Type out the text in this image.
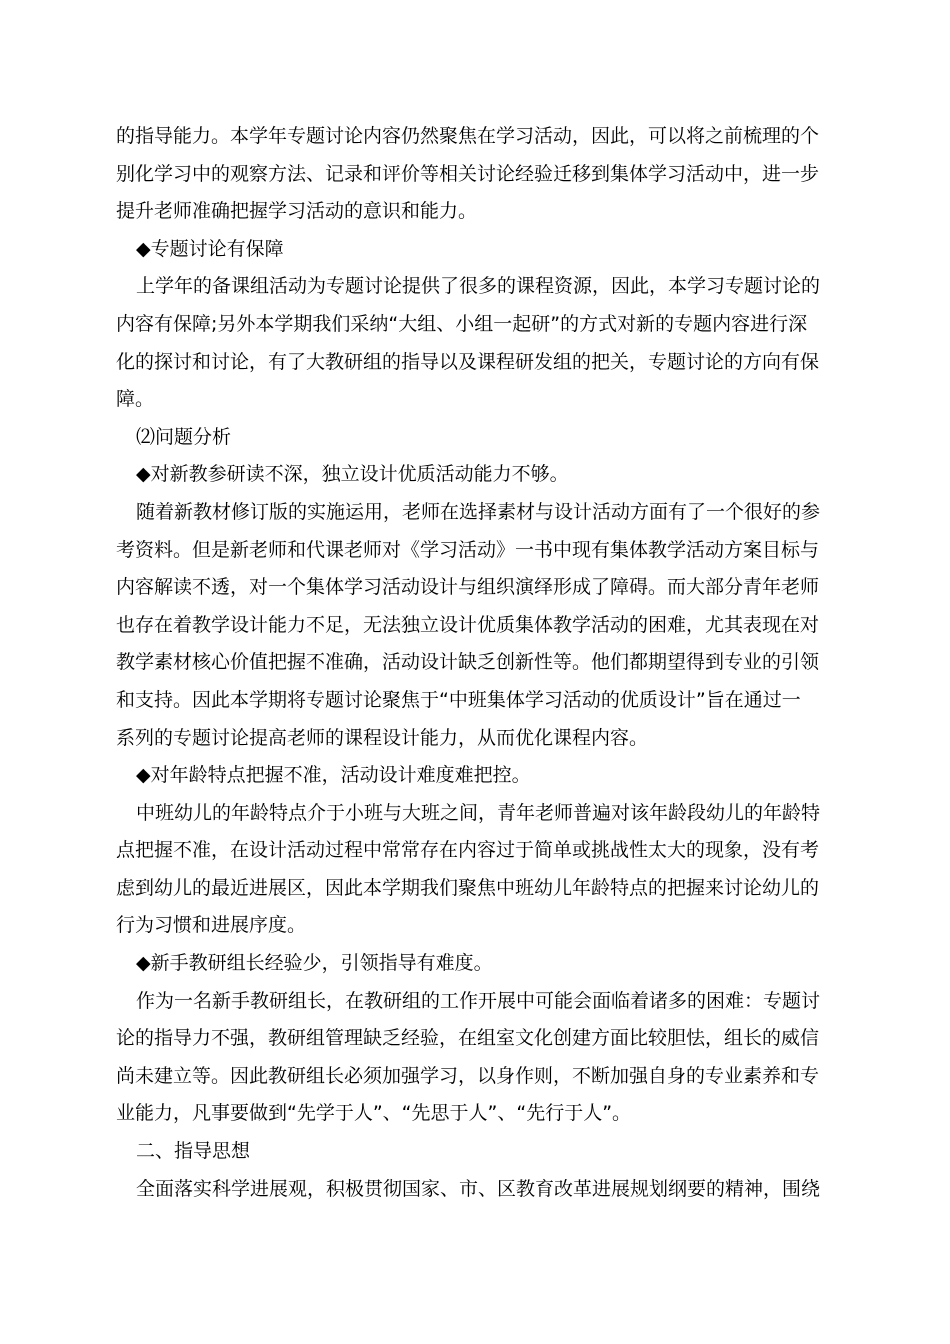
的指导能力。本学年专题讨论内容仍然聚焦在学习活动，因此，可以将之前梳理的个
别化学习中的观察方法、记录和评价等相关讨论经验迁移到集体学习活动中，进一步
提升老师准确把握学习活动的意识和能力。
◆专题讨论有保障
上学年的备课组活动为专题讨论提供了很多的课程资源，因此，本学习专题讨论的
内容有保障;另外本学期我们采纳“大组、小组一起研”的方式对新的专题内容进行深
化的探讨和讨论，有了大教研组的指导以及课程研发组的把关，专题讨论的方向有保
障。
⑵问题分析
◆对新教参研读不深，独立设计优质活动能力不够。
随着新教材修订版的实施运用，老师在选择素材与设计活动方面有了一个很好的参
考资料。但是新老师和代课老师对《学习活动》一书中现有集体教学活动方案目标与
内容解读不透，对一个集体学习活动设计与组织演绎形成了障碍。而大部分青年老师
也存在着教学设计能力不足，无法独立设计优质集体教学活动的困难，尤其表现在对
教学素材核心价值把握不准确，活动设计缺乏创新性等。他们都期望得到专业的引领
和支持。因此本学期将专题讨论聚焦于“中班集体学习活动的优质设计”旨在通过一
系列的专题讨论提高老师的课程设计能力，从而优化课程内容。
◆对年龄特点把握不准，活动设计难度难把控。
中班幼儿的年龄特点介于小班与大班之间，青年老师普遍对该年龄段幼儿的年龄特
点把握不准，在设计活动过程中常常存在内容过于简单或挑战性太大的现象，没有考
虑到幼儿的最近进展区，因此本学期我们聚焦中班幼儿年龄特点的把握来讨论幼儿的
行为习惯和进展序度。
◆新手教研组长经验少，引领指导有难度。
作为一名新手教研组长，在教研组的工作开展中可能会面临着诸多的困难：专题讨
论的指导力不强，教研组管理缺乏经验，在组室文化创建方面比较胆怯，组长的威信
尚未建立等。因此教研组长必须加强学习，以身作则，不断加强自身的专业素养和专
业能力，凡事要做到“先学于人”、“先思于人”、“先行于人”。
二、指导思想
全面落实科学进展观，积极贯彻国家、市、区教育改革进展规划纲要的精神，围绕
